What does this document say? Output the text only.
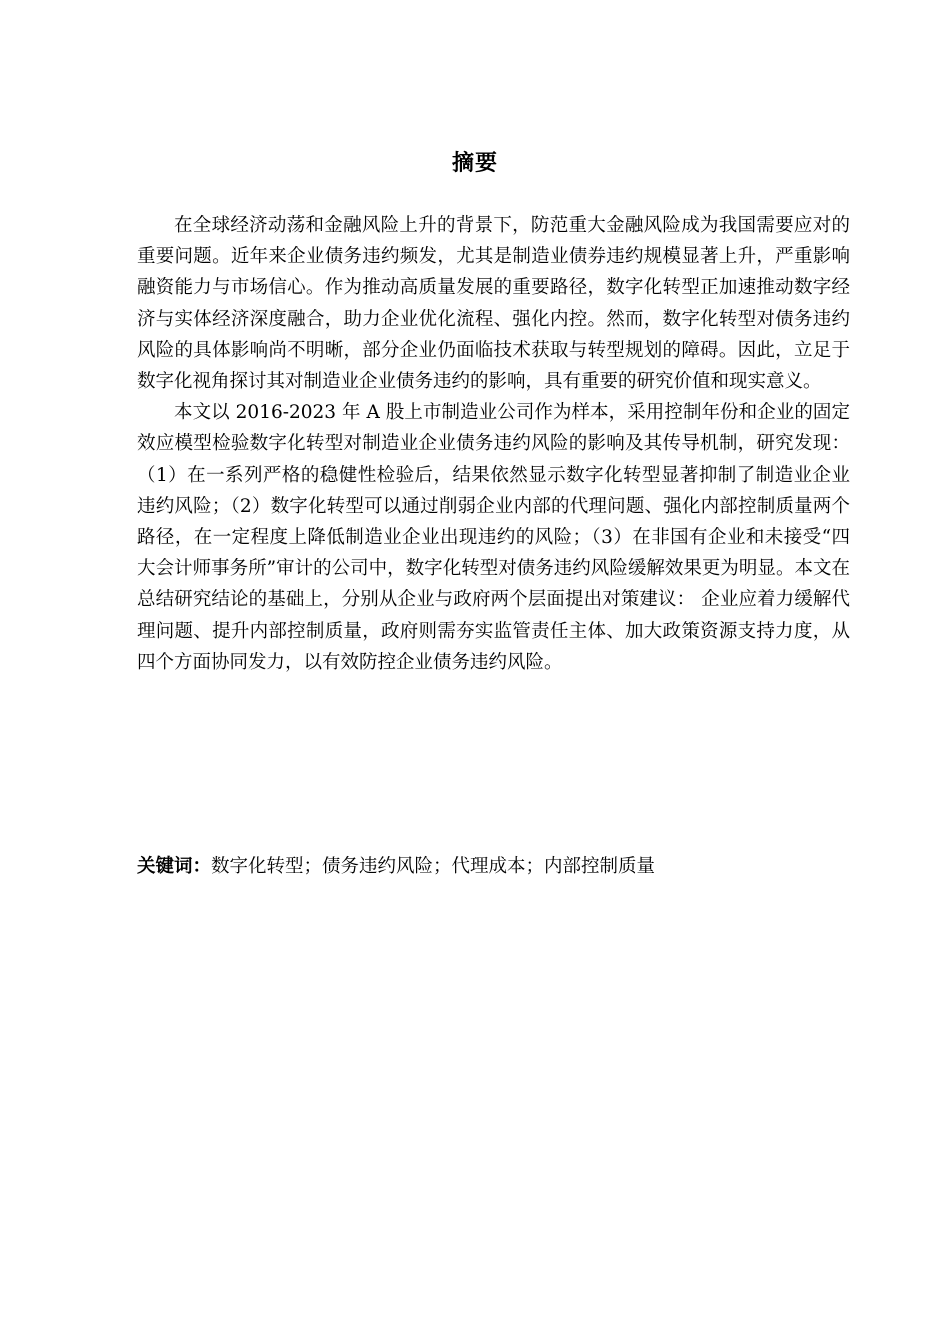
摘要

在全球经济动荡和金融风险上升的背景下，防范重大金融风险成为我国需要应对的重要问题。近年来企业债务违约频发，尤其是制造业债券违约规模显著上升，严重影响融资能力与市场信心。作为推动高质量发展的重要路径，数字化转型正加速推动数字经济与实体经济深度融合，助力企业优化流程、强化内控。然而，数字化转型对债务违约风险的具体影响尚不明晰，部分企业仍面临技术获取与转型规划的障碍。因此，立足于数字化视角探讨其对制造业企业债务违约的影响，具有重要的研究价值和现实意义。

本文以 2016-2023 年 A 股上市制造业公司作为样本，采用控制年份和企业的固定效应模型检验数字化转型对制造业企业债务违约风险的影响及其传导机制，研究发现：（1）在一系列严格的稳健性检验后，结果依然显示数字化转型显著抑制了制造业企业违约风险；（2）数字化转型可以通过削弱企业内部的代理问题、强化内部控制质量两个路径，在一定程度上降低制造业企业出现违约的风险；（3）在非国有企业和未接受“四大会计师事务所”审计的公司中，数字化转型对债务违约风险缓解效果更为明显。本文在总结研究结论的基础上，分别从企业与政府两个层面提出对策建议： 企业应着力缓解代理问题、提升内部控制质量，政府则需夯实监管责任主体、加大政策资源支持力度，从四个方面协同发力，以有效防控企业债务违约风险。

关键词：数字化转型；债务违约风险；代理成本；内部控制质量
